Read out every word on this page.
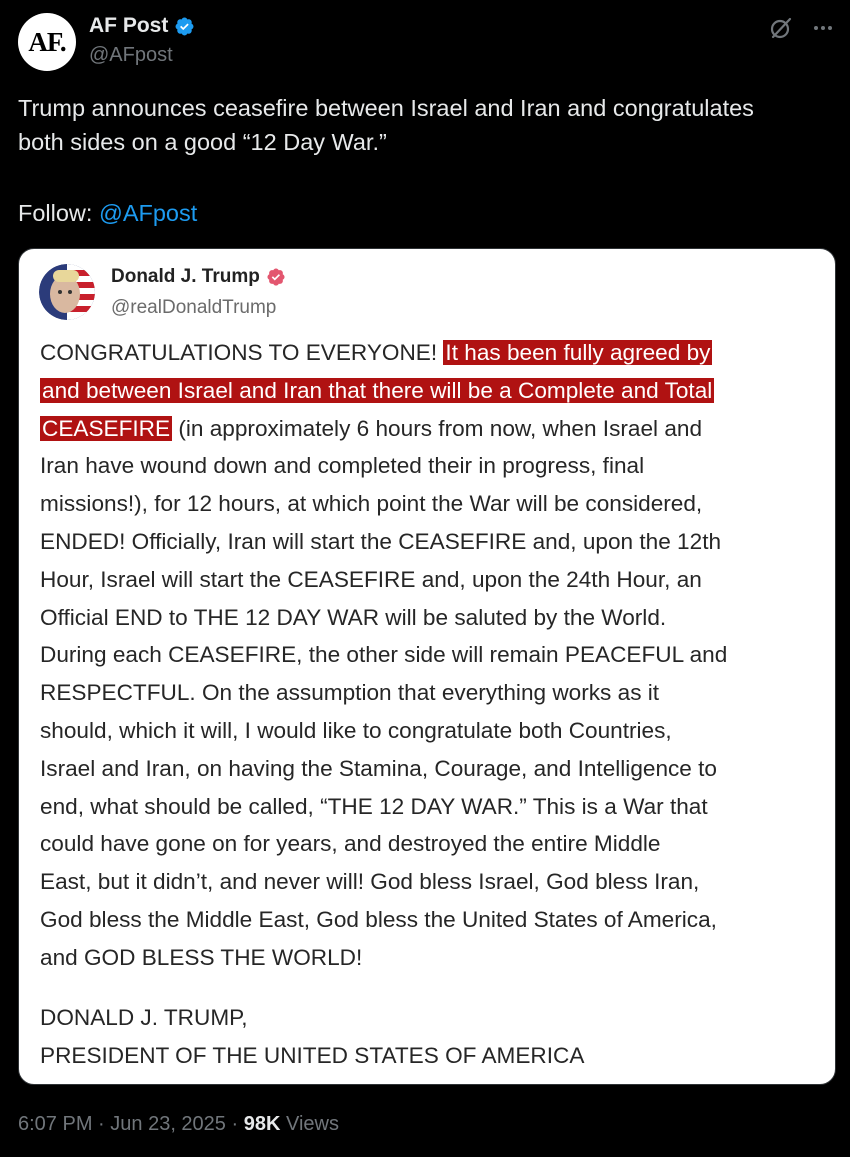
AF.
AF Post
@AFpost

Trump announces ceasefire between Israel and Iran and congratulates

both sides on a good “12 Day War.”

Follow: @AFpost
Donald J. Trump
@realDonaldTrump
CONGRATULATIONS TO EVERYONE! It has been fully agreed by
and between Israel and Iran that there will be a Complete and Total
CEASEFIRE (in approximately 6 hours from now, when Israel and
Iran have wound down and completed their in progress, final
missions!), for 12 hours, at which point the War will be considered,
ENDED! Officially, Iran will start the CEASEFIRE and, upon the 12th
Hour, Israel will start the CEASEFIRE and, upon the 24th Hour, an
Official END to THE 12 DAY WAR will be saluted by the World.
During each CEASEFIRE, the other side will remain PEACEFUL and
RESPECTFUL. On the assumption that everything works as it
should, which it will, I would like to congratulate both Countries,
Israel and Iran, on having the Stamina, Courage, and Intelligence to
end, what should be called, “THE 12 DAY WAR.” This is a War that
could have gone on for years, and destroyed the entire Middle
East, but it didn’t, and never will! God bless Israel, God bless Iran,
God bless the Middle East, God bless the United States of America,
and GOD BLESS THE WORLD!
DONALD J. TRUMP,
PRESIDENT OF THE UNITED STATES OF AMERICA
6:07 PM · Jun 23, 2025 · 98K Views
